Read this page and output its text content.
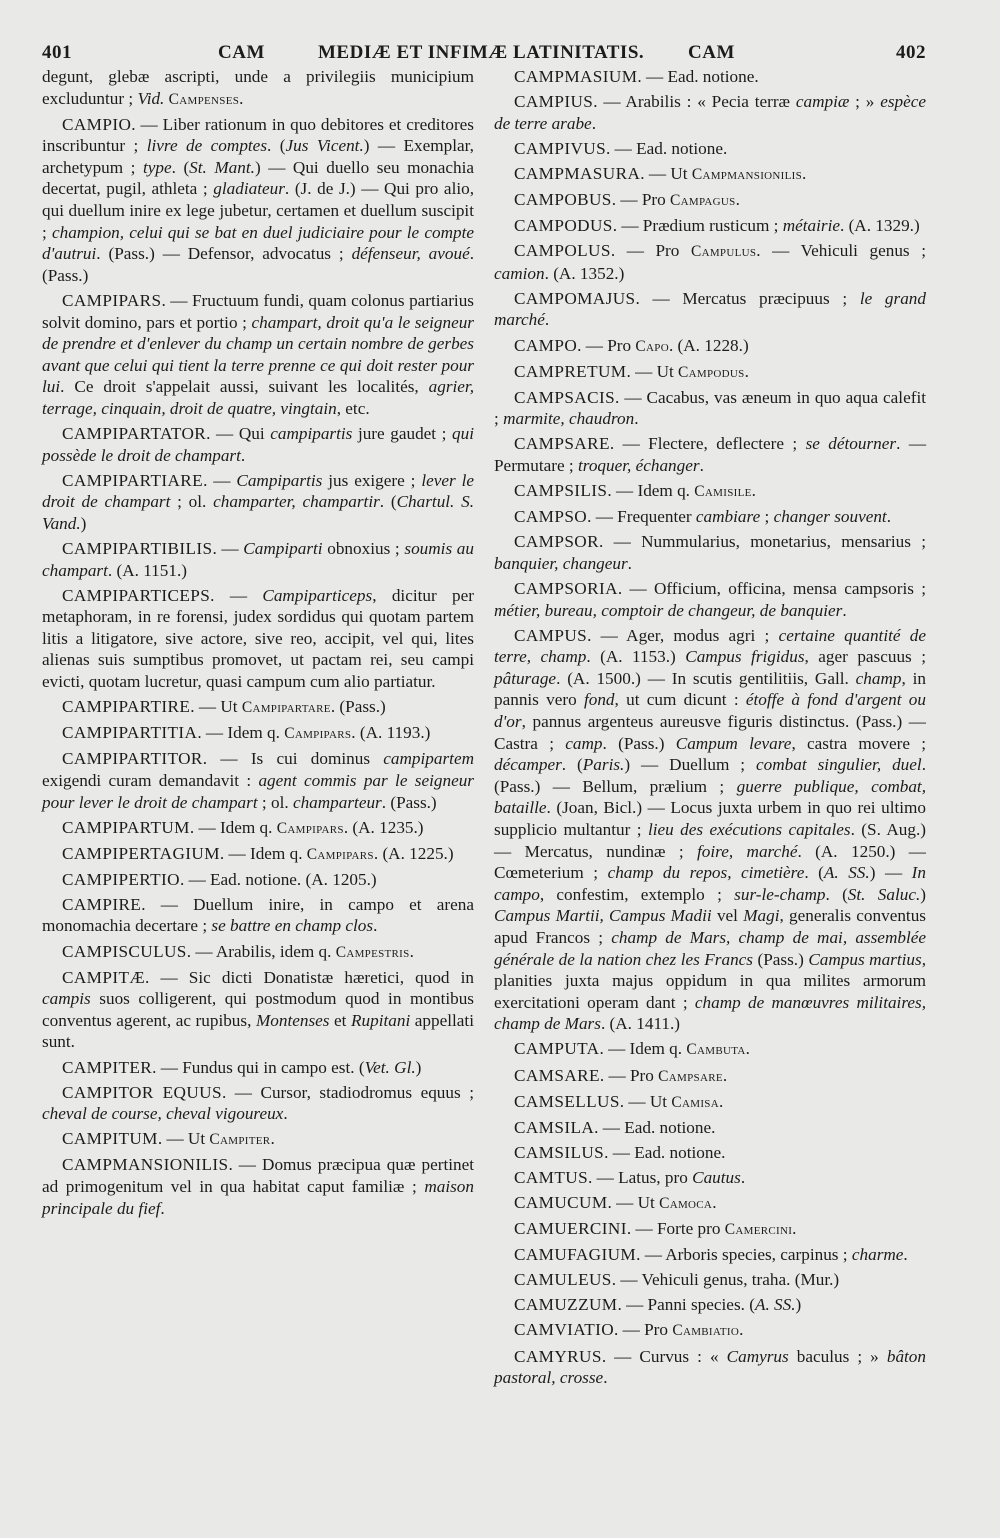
401	CAM	MEDIÆ ET INFIMÆ LATINITATIS. CAM	402

degunt, glebæ ascripti, unde a privilegiis municipium excluduntur ; Vid. Campenses.

CAMPIO. — Liber rationum in quo debitores et creditores inscribuntur ; livre de comptes. (Jus Vicent.) — Exemplar, archetypum ; type. (St. Mant.) — Qui duello seu monachia decertat, pugil, athleta ; gladiateur. (J. de J.) — Qui pro alio, qui duellum inire ex lege jubetur, certamen et duellum suscipit ; champion, celui qui se bat en duel judiciaire pour le compte d'autrui. (Pass.) — Defensor, advocatus ; défenseur, avoué. (Pass.)

CAMPIPARS. — Fructuum fundi, quam colonus partiarius solvit domino, pars et portio ; champart, droit qu'a le seigneur de prendre et d'enlever du champ un certain nombre de gerbes avant que celui qui tient la terre prenne ce qui doit rester pour lui. Ce droit s'appelait aussi, suivant les localités, agrier, terrage, cinquain, droit de quatre, vingtain, etc.

CAMPIPARTATOR. — Qui campipartis jure gaudet ; qui possède le droit de champart.

CAMPIPARTIARE. — Campipartis jus exigere ; lever le droit de champart ; ol. champarter, champartir. (Chartul. S. Vand.)

CAMPIPARTIBILIS. — Campiparti obnoxius ; soumis au champart. (A. 1151.)

CAMPIPARTICEPS. — Campiparticeps, dicitur per metaphoram, in re forensi, judex sordidus qui quotam partem litis a litigatore, sive actore, sive reo, accipit, vel qui, lites alienas suis sumptibus promovet, ut pactam rei, seu campi evicti, quotam lucretur, quasi campum cum alio partiatur.

CAMPIPARTIRE. — Ut Campipartare. (Pass.)

CAMPIPARTITIA. — Idem q. Campipars. (A. 1193.)

CAMPIPARTITOR. — Is cui dominus campipartem exigendi curam demandavit : agent commis par le seigneur pour lever le droit de champart ; ol. champarteur. (Pass.)

CAMPIPARTUM. — Idem q. Campipars. (A. 1235.)

CAMPIPERTAGIUM. — Idem q. Campipars. (A. 1225.)

CAMPIPERTIO. — Ead. notione. (A. 1205.)

CAMPIRE. — Duellum inire, in campo et arena monomachia decertare ; se battre en champ clos.

CAMPISCULUS. — Arabilis, idem q. Campestris.

CAMPITÆ. — Sic dicti Donatistæ hæretici, quod in campis suos colligerent, qui postmodum quod in montibus conventus agerent, ac rupibus, Montenses et Rupitani appellati sunt.

CAMPITER. — Fundus qui in campo est. (Vet. Gl.)

CAMPITOR EQUUS. — Cursor, stadiodromus equus ; cheval de course, cheval vigoureux.

CAMPITUM. — Ut Campiter.

CAMPMANSIONILIS. — Domus præcipua quæ pertinet ad primogenitum vel in qua habitat caput familiæ ; maison principale du fief.

CAMPMASIUM. — Ead. notione.

CAMPIUS. — Arabilis : « Pecia terræ campiæ ; » espèce de terre arabe.

CAMPIVUS. — Ead. notione.

CAMPMASURA. — Ut Campmansionilis.

CAMPOBUS. — Pro Campagus.

CAMPODUS. — Prædium rusticum ; métairie. (A. 1329.)

CAMPOLUS. — Pro Campulus. — Vehiculi genus ; camion. (A. 1352.)

CAMPOMAJUS. — Mercatus præcipuus ; le grand marché.

CAMPO. — Pro Capo. (A. 1228.)

CAMPRETUM. — Ut Campodus.

CAMPSACIS. — Cacabus, vas æneum in quo aqua calefit ; marmite, chaudron.

CAMPSARE. — Flectere, deflectere ; se détourner. — Permutare ; troquer, échanger.

CAMPSILIS. — Idem q. Camisile.

CAMPSO. — Frequenter cambiare ; changer souvent.

CAMPSOR. — Nummularius, monetarius, mensarius ; banquier, changeur.

CAMPSORIA. — Officium, officina, mensa campsoris ; métier, bureau, comptoir de changeur, de banquier.

CAMPUS. — Ager, modus agri ; certaine quantité de terre, champ. (A. 1153.) Campus frigidus, ager pascuus ; pâturage. (A. 1500.) — In scutis gentilitiis, Gall. champ, in pannis vero fond, ut cum dicunt : étoffe à fond d'argent ou d'or, pannus argenteus aureusve figuris distinctus. (Pass.) — Castra ; camp. (Pass.) Campum levare, castra movere ; décamper. (Paris.) — Duellum ; combat singulier, duel. (Pass.) — Bellum, prælium ; guerre publique, combat, bataille. (Joan, Bicl.) — Locus juxta urbem in quo rei ultimo supplicio multantur ; lieu des exécutions capitales. (S. Aug.) — Mercatus, nundinæ ; foire, marché. (A. 1250.) — Cœmeterium ; champ du repos, cimetière. (A. SS.) — In campo, confestim, extemplo ; sur-le-champ. (St. Saluc.) Campus Martii, Campus Madii vel Magi, generalis conventus apud Francos ; champ de Mars, champ de mai, assemblée générale de la nation chez les Francs (Pass.) Campus martius, planities juxta majus oppidum in qua milites armorum exercitationi operam dant ; champ de manœuvres militaires, champ de Mars. (A. 1411.)

CAMPUTA. — Idem q. Cambuta.

CAMSARE. — Pro Campsare.

CAMSELLUS. — Ut Camisa.

CAMSILA. — Ead. notione.

CAMSILUS. — Ead. notione.

CAMTUS. — Latus, pro Cautus.

CAMUCUM. — Ut Camoca.

CAMUERCINI. — Forte pro Camercini.

CAMUFAGIUM. — Arboris species, carpinus ; charme.

CAMULEUS. — Vehiculi genus, traha. (Mur.)

CAMUZZUM. — Panni species. (A. SS.)

CAMVIATIO. — Pro Cambiatio.

CAMYRUS. — Curvus : « Camyrus baculus ; » bâton pastoral, crosse.
